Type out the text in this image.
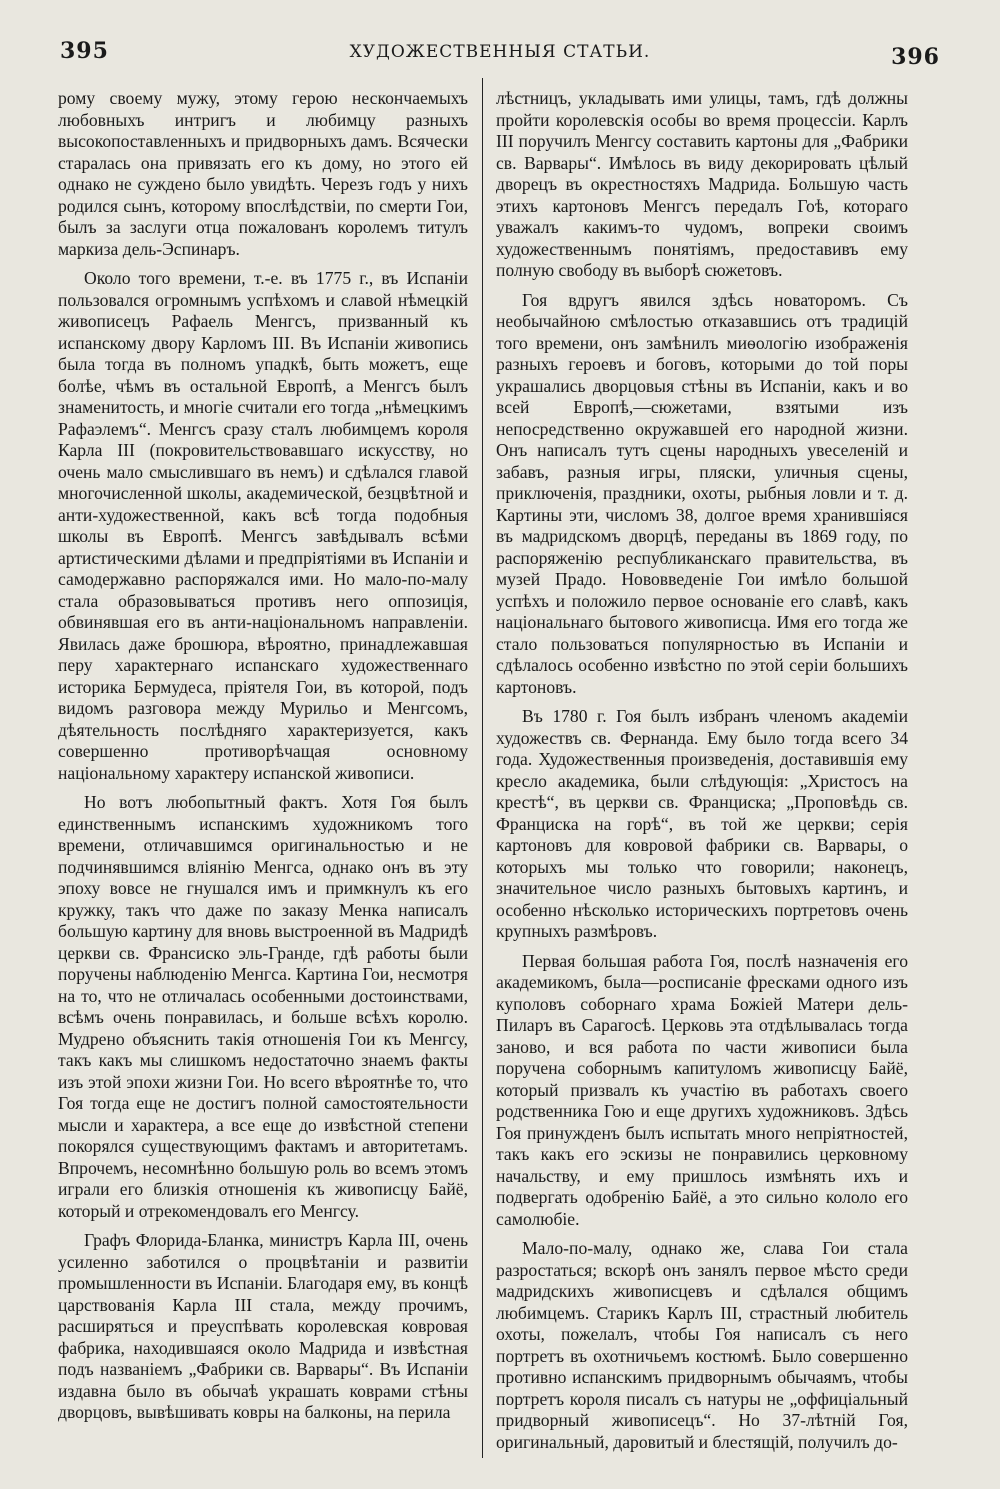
395	ХУДОЖЕСТВЕННЫЯ СТАТЬИ.	396

рому своему мужу, этому герою нескончаемыхъ любовныхъ интригъ и любимцу разныхъ высокопоставленныхъ и придворныхъ дамъ. Всячески старалась она привязать его къ дому, но этого ей однако не суждено было увидѣть. Черезъ годъ у нихъ родился сынъ, которому впослѣдствіи, по смерти Гои, былъ за заслуги отца пожалованъ королемъ титулъ маркиза дель-Эспинаръ.

Около того времени, т.-е. въ 1775 г., въ Испаніи пользовался огромнымъ успѣхомъ и славой нѣмецкій живописецъ Рафаель Менгсъ, призванный къ испанскому двору Карломъ III. Въ Испаніи живопись была тогда въ полномъ упадкѣ, быть можетъ, еще болѣе, чѣмъ въ остальной Европѣ, а Менгсъ былъ знаменитость, и многіе считали его тогда „нѣмецкимъ Рафаэлемъ“. Менгсъ сразу сталъ любимцемъ короля Карла III (покровительствовавшаго искусству, но очень мало смыслившаго въ немъ) и сдѣлался главой многочисленной школы, академической, безцвѣтной и анти-художественной, какъ всѣ тогда подобныя школы въ Европѣ. Менгсъ завѣдывалъ всѣми артистическими дѣлами и предпріятіями въ Испаніи и самодержавно распоряжался ими. Но мало-по-малу стала образовываться противъ него оппозиція, обвинявшая его въ анти-національномъ направленіи. Явилась даже брошюра, вѣроятно, принадлежавшая перу характернаго испанскаго художественнаго историка Бермудеса, пріятеля Гои, въ которой, подъ видомъ разговора между Мурильо и Менгсомъ, дѣятельность послѣдняго характеризуется, какъ совершенно противорѣчащая основному національному характеру испанской живописи.

Но вотъ любопытный фактъ. Хотя Гоя былъ единственнымъ испанскимъ художникомъ того времени, отличавшимся оригинальностью и не подчинявшимся вліянію Менгса, однако онъ въ эту эпоху вовсе не гнушался имъ и примкнулъ къ его кружку, такъ что даже по заказу Менка написалъ большую картину для вновь выстроенной въ Мадридѣ церкви св. Франсиско эль-Гранде, гдѣ работы были поручены наблюденію Менгса. Картина Гои, несмотря на то, что не отличалась особенными достоинствами, всѣмъ очень понравилась, и больше всѣхъ королю. Мудрено объяснить такія отношенія Гои къ Менгсу, такъ какъ мы слишкомъ недостаточно знаемъ факты изъ этой эпохи жизни Гои. Но всего вѣроятнѣе то, что Гоя тогда еще не достигъ полной самостоятельности мысли и характера, а все еще до извѣстной степени покорялся существующимъ фактамъ и авторитетамъ. Впрочемъ, несомнѣнно большую роль во всемъ этомъ играли его близкія отношенія къ живописцу Байё, который и отрекомендовалъ его Менгсу.

Графъ Флорида-Бланка, министръ Карла III, очень усиленно заботился о процвѣтаніи и развитіи промышленности въ Испаніи. Благодаря ему, въ концѣ царствованія Карла III стала, между прочимъ, расширяться и преуспѣвать королевская ковровая фабрика, находившаяся около Мадрида и извѣстная подъ названіемъ „Фабрики св. Варвары“. Въ Испаніи издавна было въ обычаѣ украшать коврами стѣны дворцовъ, вывѣшивать ковры на балконы, на перила

лѣстницъ, укладывать ими улицы, тамъ, гдѣ должны пройти королевскія особы во время процессіи. Карлъ III поручилъ Менгсу составить картоны для „Фабрики св. Варвары“. Имѣлось въ виду декорировать цѣлый дворецъ въ окрестностяхъ Мадрида. Большую часть этихъ картоновъ Менгсъ передалъ Гоѣ, котораго уважалъ какимъ-то чудомъ, вопреки своимъ художественнымъ понятіямъ, предоставивъ ему полную свободу въ выборѣ сюжетовъ.

Гоя вдругъ явился здѣсь новаторомъ. Съ необычайною смѣлостью отказавшись отъ традицій того времени, онъ замѣнилъ миѳологію изображенія разныхъ героевъ и боговъ, которыми до той поры украшались дворцовыя стѣны въ Испаніи, какъ и во всей Европѣ,—сюжетами, взятыми изъ непосредственно окружавшей его народной жизни. Онъ написалъ тутъ сцены народныхъ увеселеній и забавъ, разныя игры, пляски, уличныя сцены, приключенія, праздники, охоты, рыбныя ловли и т. д. Картины эти, числомъ 38, долгое время хранившіяся въ мадридскомъ дворцѣ, переданы въ 1869 году, по распоряженію республиканскаго правительства, въ музей Прадо. Нововведеніе Гои имѣло большой успѣхъ и положило первое основаніе его славѣ, какъ національнаго бытового живописца. Имя его тогда же стало пользоваться популярностью въ Испаніи и сдѣлалось особенно извѣстно по этой серіи большихъ картоновъ.

Въ 1780 г. Гоя былъ избранъ членомъ академіи художествъ св. Фернанда. Ему было тогда всего 34 года. Художественныя произведенія, доставившія ему кресло академика, были слѣдующія: „Христосъ на крестѣ“, въ церкви св. Франциска; „Проповѣдь св. Франциска на горѣ“, въ той же церкви; серія картоновъ для ковровой фабрики св. Варвары, о которыхъ мы только что говорили; наконецъ, значительное число разныхъ бытовыхъ картинъ, и особенно нѣсколько историческихъ портретовъ очень крупныхъ размѣровъ.

Первая большая работа Гоя, послѣ назначенія его академикомъ, была—росписаніе фресками одного изъ куполовъ соборнаго храма Божіей Матери дель-Пиларъ въ Сарагосѣ. Церковь эта отдѣлывалась тогда заново, и вся работа по части живописи была поручена соборнымъ капитуломъ живописцу Байё, который призвалъ къ участію въ работахъ своего родственника Гою и еще другихъ художниковъ. Здѣсь Гоя принужденъ былъ испытать много непріятностей, такъ какъ его эскизы не понравились церковному начальству, и ему пришлось измѣнять ихъ и подвергать одобренію Байё, а это сильно кололо его самолюбіе.

Мало-по-малу, однако же, слава Гои стала разростаться; вскорѣ онъ занялъ первое мѣсто среди мадридскихъ живописцевъ и сдѣлался общимъ любимцемъ. Старикъ Карлъ III, страстный любитель охоты, пожелалъ, чтобы Гоя написалъ съ него портретъ въ охотничьемъ костюмѣ. Было совершенно противно испанскимъ придворнымъ обычаямъ, чтобы портретъ короля писалъ съ натуры не „оффиціальный придворный живописецъ“. Но 37-лѣтній Гоя, оригинальный, даровитый и блестящій, получилъ до-
